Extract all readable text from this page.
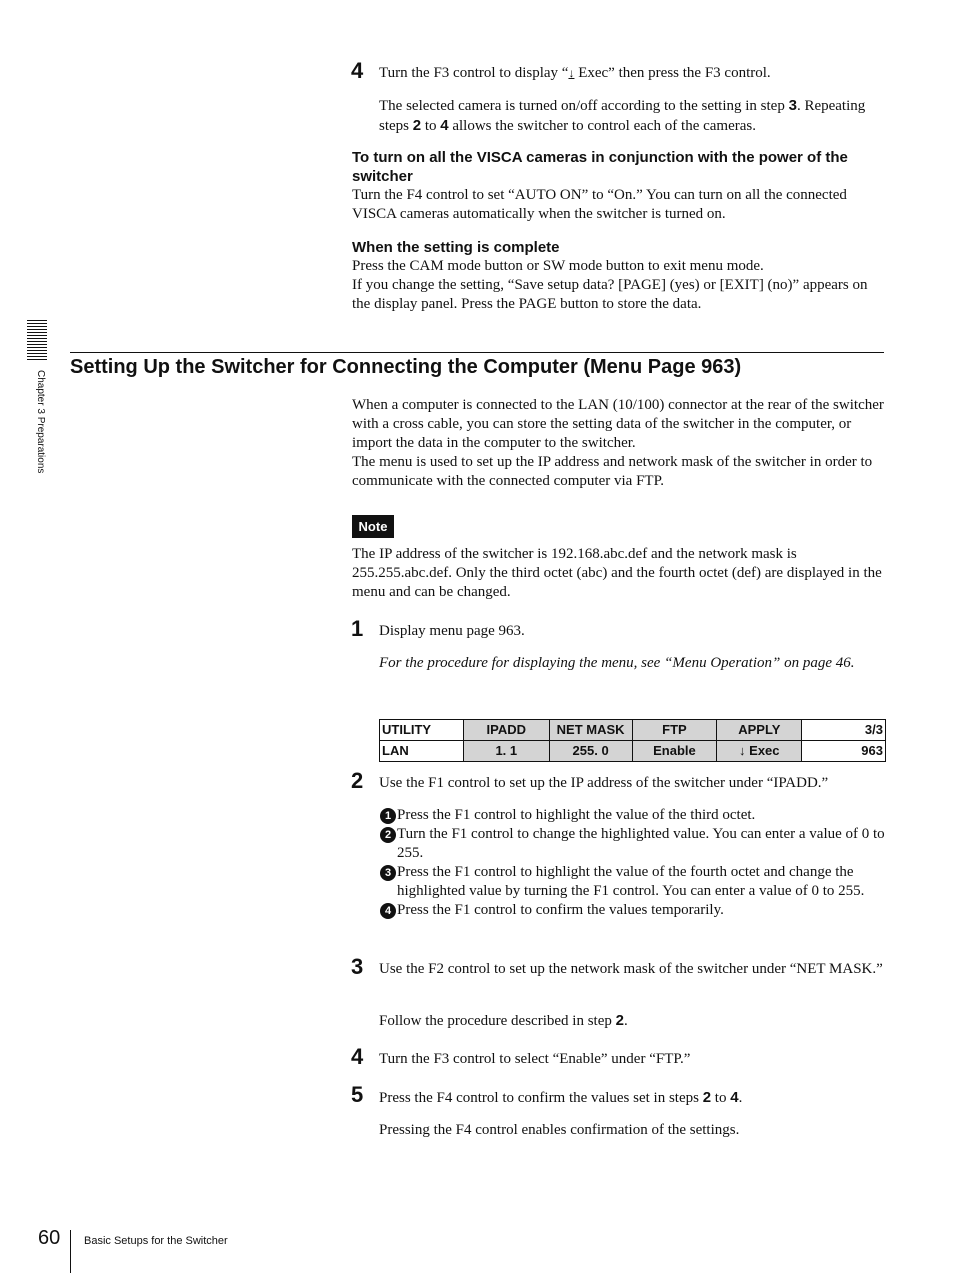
4 Turn the F3 control to display “↓ Exec” then press the F3 control.

The selected camera is turned on/off according to the setting in step 3. Repeating steps 2 to 4 allows the switcher to control each of the cameras.

To turn on all the VISCA cameras in conjunction with the power of the switcher
Turn the F4 control to set “AUTO ON” to “On.” You can turn on all the connected VISCA cameras automatically when the switcher is turned on.
When the setting is complete
Press the CAM mode button or SW mode button to exit menu mode.
If you change the setting, “Save setup data? [PAGE] (yes) or [EXIT] (no)” appears on the display panel. Press the PAGE button to store the data.
Chapter 3 Preparations
Setting Up the Switcher for Connecting the Computer (Menu Page 963)
When a computer is connected to the LAN (10/100) connector at the rear of the switcher with a cross cable, you can store the setting data of the switcher in the computer, or import the data in the computer to the switcher.
The menu is used to set up the IP address and network mask of the switcher in order to communicate with the connected computer via FTP.
Note
The IP address of the switcher is 192.168.abc.def and the network mask is 255.255.abc.def. Only the third octet (abc) and the fourth octet (def) are displayed in the menu and can be changed.
1 Display menu page 963.
For the procedure for displaying the menu, see “Menu Operation” on page 46.
UTILITY	IPADD	NET MASK	FTP	APPLY	3/3
LAN	1. 1	255. 0	Enable	↓ Exec	963
2 Use the F1 control to set up the IP address of the switcher under “IPADD.”
1 Press the F1 control to highlight the value of the third octet.
2 Turn the F1 control to change the highlighted value. You can enter a value of 0 to 255.
3 Press the F1 control to highlight the value of the fourth octet and change the highlighted value by turning the F1 control. You can enter a value of 0 to 255.
4 Press the F1 control to confirm the values temporarily.
3 Use the F2 control to set up the network mask of the switcher under “NET MASK.”
Follow the procedure described in step 2.
4 Turn the F3 control to select “Enable” under “FTP.”
5 Press the F4 control to confirm the values set in steps 2 to 4.
Pressing the F4 control enables confirmation of the settings.
60 Basic Setups for the Switcher
